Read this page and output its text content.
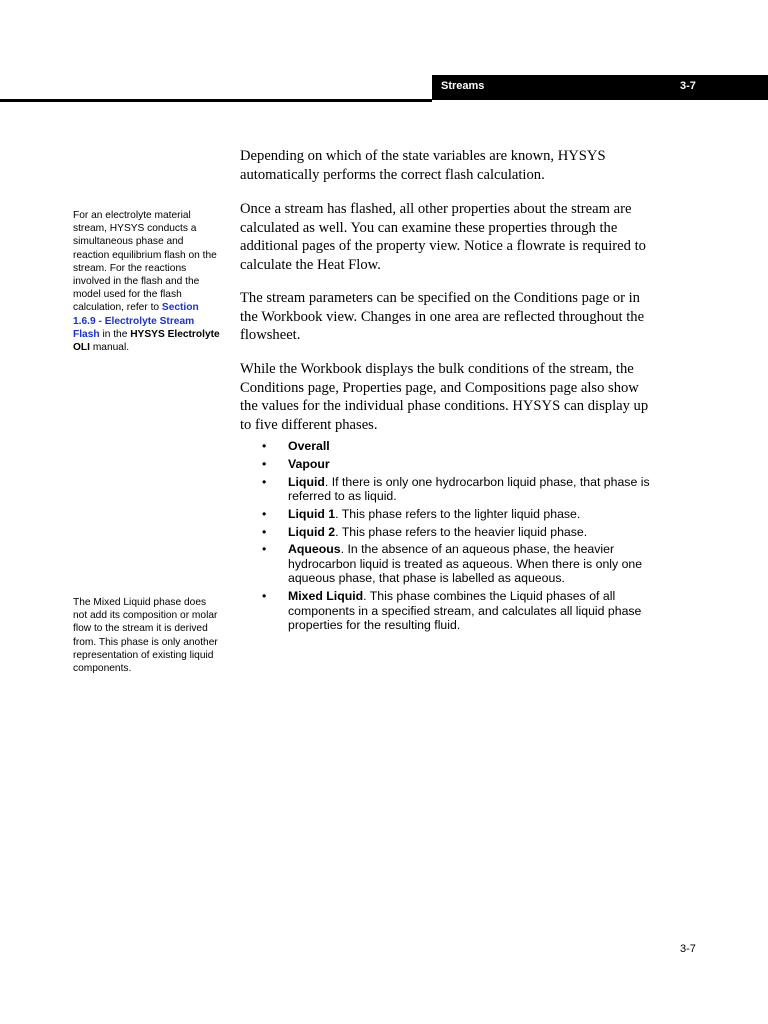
Streams	3-7
For an electrolyte material stream, HYSYS conducts a simultaneous phase and reaction equilibrium flash on the stream. For the reactions involved in the flash and the model used for the flash calculation, refer to Section 1.6.9 - Electrolyte Stream Flash in the HYSYS Electrolyte OLI manual.
The Mixed Liquid phase does not add its composition or molar flow to the stream it is derived from. This phase is only another representation of existing liquid components.

Depending on which of the state variables are known, HYSYS automatically performs the correct flash calculation.

Once a stream has flashed, all other properties about the stream are calculated as well. You can examine these properties through the additional pages of the property view. Notice a flowrate is required to calculate the Heat Flow.

The stream parameters can be specified on the Conditions page or in the Workbook view. Changes in one area are reflected throughout the flowsheet.

While the Workbook displays the bulk conditions of the stream, the Conditions page, Properties page, and Compositions page also show the values for the individual phase conditions. HYSYS can display up to five different phases.

• Overall
• Vapour
• Liquid. If there is only one hydrocarbon liquid phase, that phase is referred to as liquid.
• Liquid 1. This phase refers to the lighter liquid phase.
• Liquid 2. This phase refers to the heavier liquid phase.
• Aqueous. In the absence of an aqueous phase, the heavier hydrocarbon liquid is treated as aqueous. When there is only one aqueous phase, that phase is labelled as aqueous.
• Mixed Liquid. This phase combines the Liquid phases of all components in a specified stream, and calculates all liquid phase properties for the resulting fluid.
3-7
